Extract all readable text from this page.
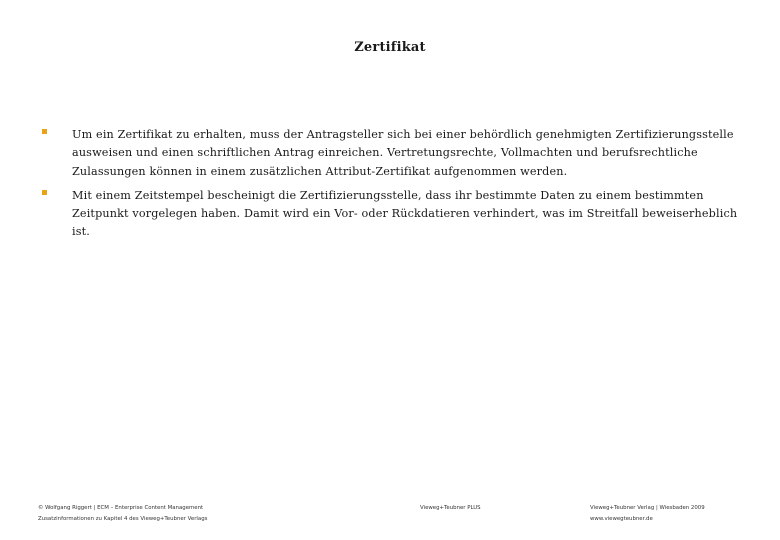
Zertifikat
Um ein Zertifikat zu erhalten, muss der Antragsteller sich bei einer behördlich genehmigten Zertifizierungsstelle ausweisen und einen schriftlichen Antrag einreichen. Vertretungsrechte, Vollmachten und berufsrechtliche Zulassungen können in einem zusätzlichen Attribut-Zertifikat aufgenommen werden.
Mit einem Zeitstempel bescheinigt die Zertifizierungsstelle, dass ihr bestimmte Daten zu einem bestimmten Zeitpunkt vorgelegen haben. Damit wird ein Vor- oder Rückdatieren verhindert, was im Streitfall beweiserheblich ist.
© Wolfgang Riggert | ECM – Enterprise Content Management
Zusatzinformationen zu Kapitel 4 des Vieweg+Teubner Verlags
Vieweg+Teubner PLUS	Vieweg+Teubner Verlag | Wiesbaden 2009
www.viewegteubner.de
